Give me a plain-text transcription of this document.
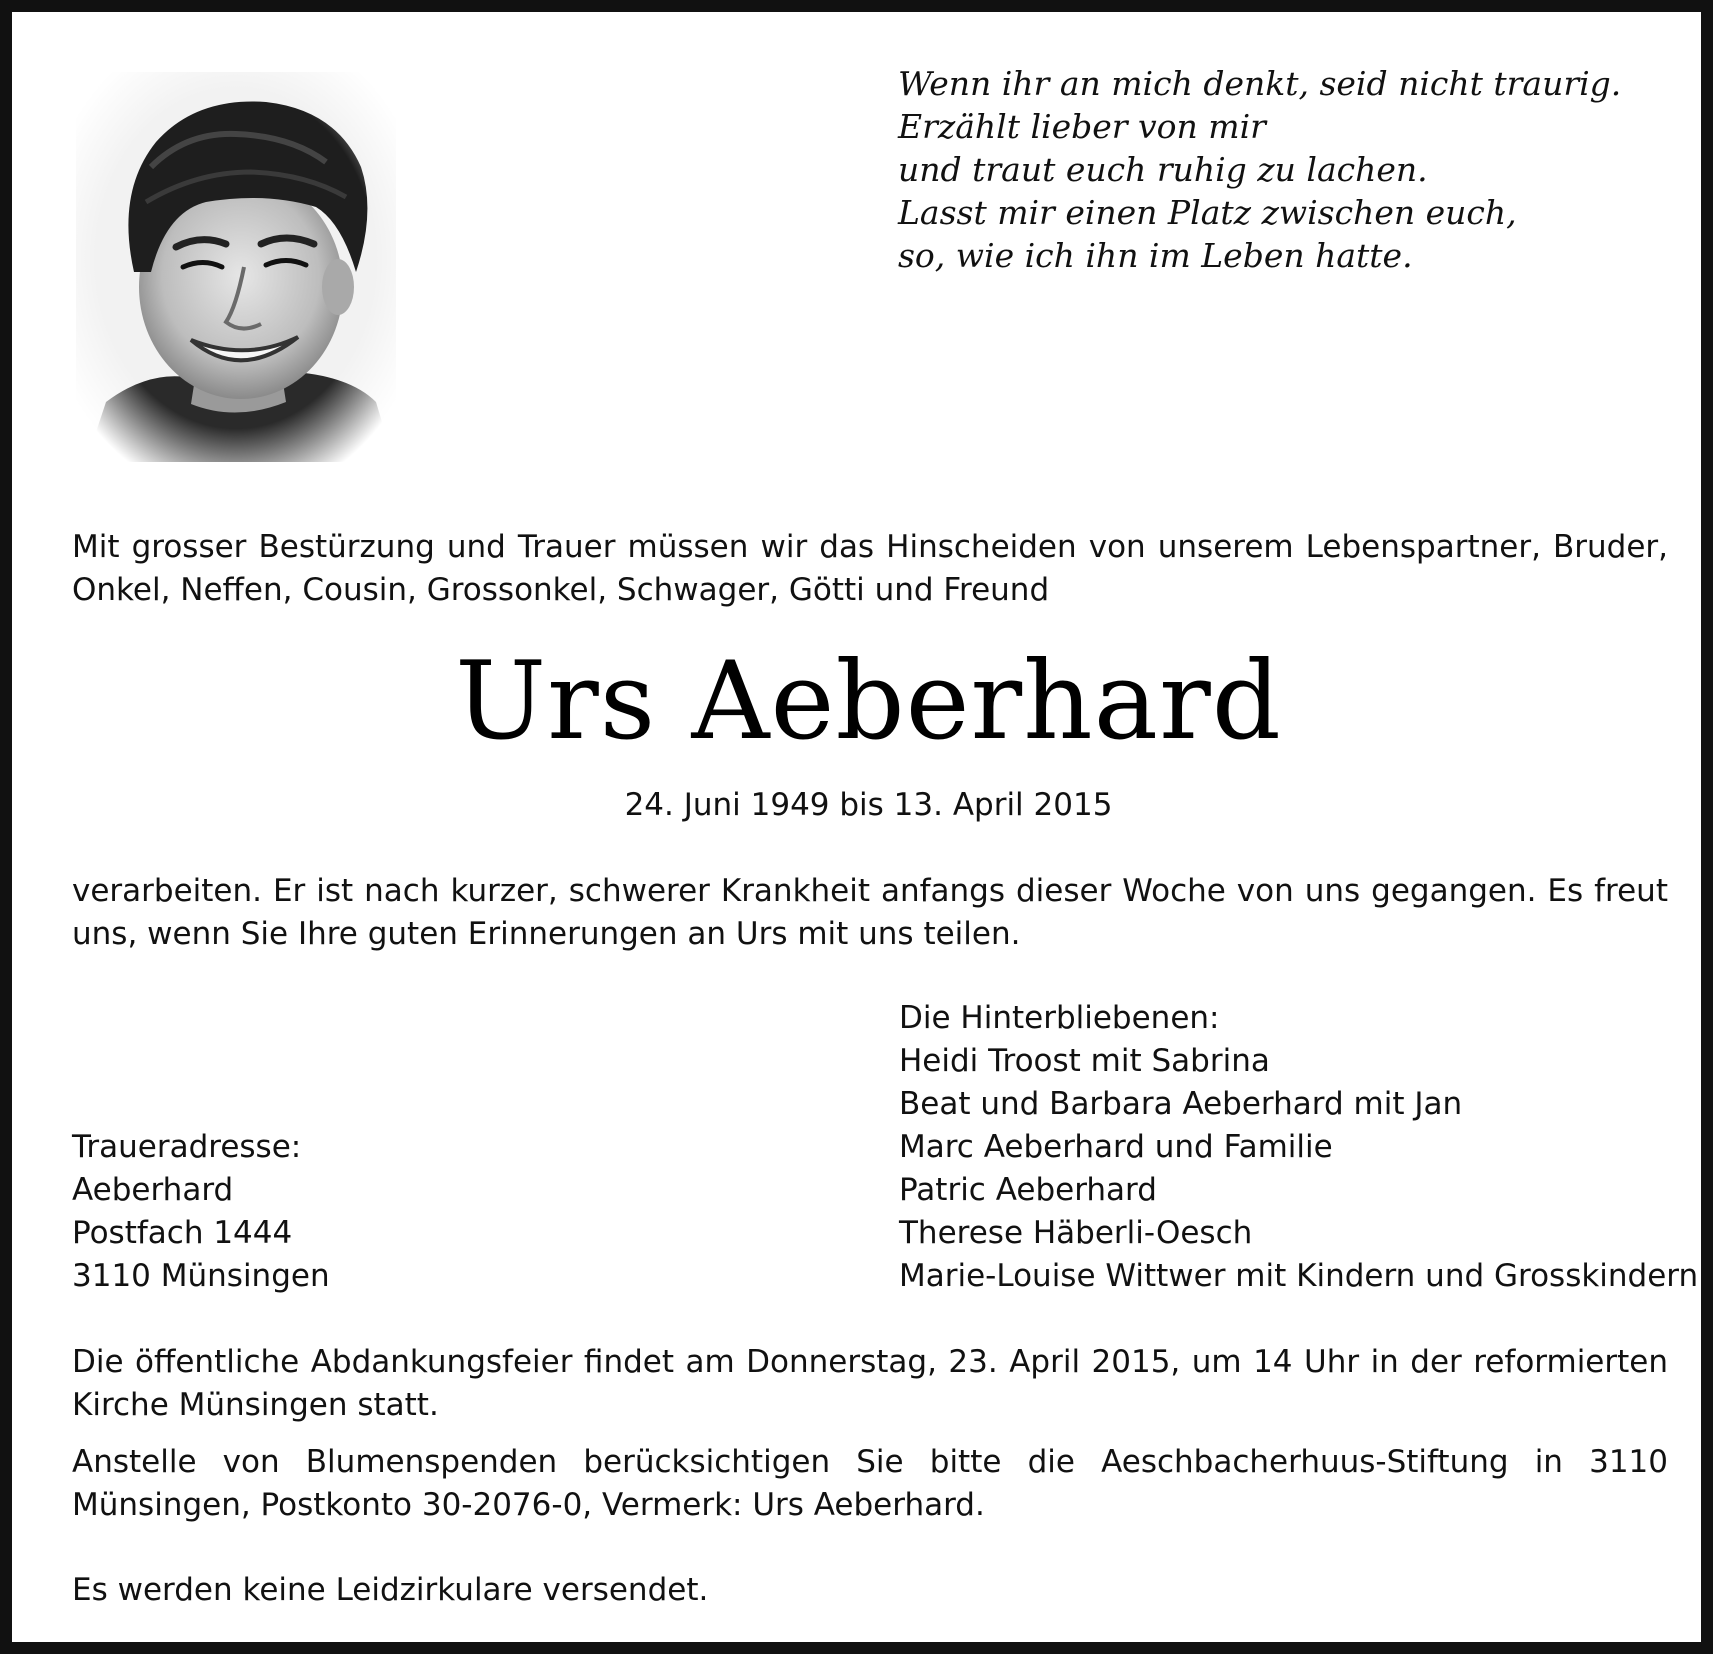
Wenn ihr an mich denkt, seid nicht traurig.
Erzählt lieber von mir
und traut euch ruhig zu lachen.
Lasst mir einen Platz zwischen euch,
so, wie ich ihn im Leben hatte.
Mit grosser Bestürzung und Trauer müssen wir das Hinscheiden von unserem Lebenspartner, Bruder, Onkel, Neffen, Cousin, Grossonkel, Schwager, Götti und Freund
Urs Aeberhard
24. Juni 1949 bis 13. April 2015
verarbeiten. Er ist nach kurzer, schwerer Krankheit anfangs dieser Woche von uns gegangen. Es freut uns, wenn Sie Ihre guten Erinnerungen an Urs mit uns teilen.
Die Hinterbliebenen:
Heidi Troost mit Sabrina
Beat und Barbara Aeberhard mit Jan
Marc Aeberhard und Familie
Patric Aeberhard
Therese Häberli-Oesch
Marie-Louise Wittwer mit Kindern und Grosskindern
Traueradresse:
Aeberhard
Postfach 1444
3110 Münsingen
Die öffentliche Abdankungsfeier findet am Donnerstag, 23. April 2015, um 14 Uhr in der reformierten Kirche Münsingen statt.
Anstelle von Blumenspenden berücksichtigen Sie bitte die Aeschbacherhuus-Stiftung in 3110 Münsingen, Postkonto 30-2076-0, Vermerk: Urs Aeberhard.
Es werden keine Leidzirkulare versendet.
